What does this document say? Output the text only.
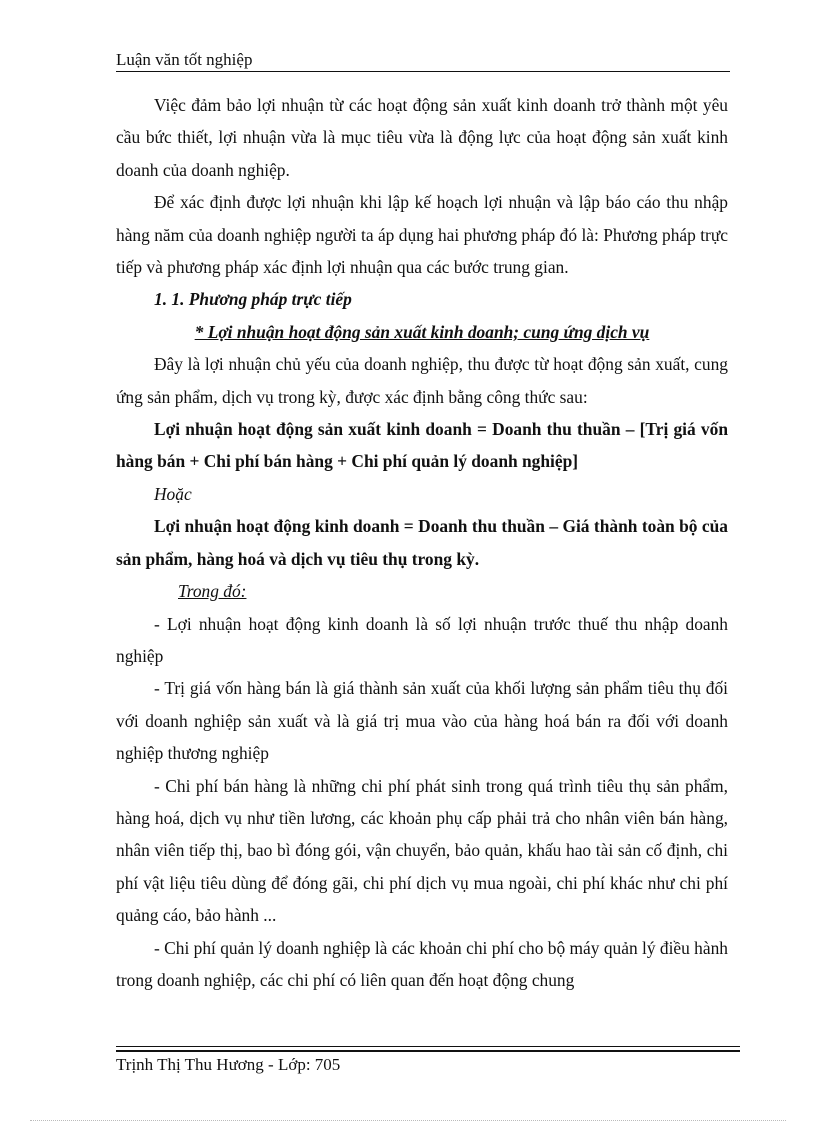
Luận văn tốt nghiệp

Việc đảm bảo lợi nhuận từ các hoạt động sản xuất kinh doanh trở thành một yêu cầu bức thiết, lợi nhuận vừa là mục tiêu vừa là động lực của hoạt động sản xuất kinh doanh của doanh nghiệp.

Để xác định được lợi nhuận khi lập kế hoạch lợi nhuận và lập báo cáo thu nhập hàng năm của doanh nghiệp người ta áp dụng hai phương pháp đó là: Phương pháp trực tiếp và phương pháp xác định lợi nhuận qua các bước trung gian.

1. 1. Phương pháp trực tiếp

* Lợi nhuận hoạt động sản xuất kinh doanh; cung ứng dịch vụ

Đây là lợi nhuận chủ yếu của doanh nghiệp, thu được từ hoạt động sản xuất, cung ứng sản phẩm, dịch vụ trong kỳ, được xác định bằng công thức sau:

Lợi nhuận hoạt động sản xuất kinh doanh = Doanh thu thuần – [Trị giá vốn hàng bán + Chi phí bán hàng + Chi phí quản lý doanh nghiệp]

Hoặc

Lợi nhuận hoạt động kinh doanh = Doanh thu thuần – Giá thành toàn bộ của sản phẩm, hàng hoá và dịch vụ tiêu thụ trong kỳ.

Trong đó:

- Lợi nhuận hoạt động kinh doanh là số lợi nhuận trước thuế thu nhập doanh nghiệp

- Trị giá vốn hàng bán là giá thành sản xuất của khối lượng sản phẩm tiêu thụ đối với doanh nghiệp sản xuất và là giá trị mua vào của hàng hoá bán ra đối với doanh nghiệp thương nghiệp

- Chi phí bán hàng là những chi phí phát sinh trong quá trình tiêu thụ sản phẩm, hàng hoá, dịch vụ như tiền lương, các khoản phụ cấp phải trả cho nhân viên bán hàng, nhân viên tiếp thị, bao bì đóng gói, vận chuyển, bảo quản, khấu hao tài sản cố định, chi phí vật liệu tiêu dùng để đóng gãi, chi phí dịch vụ mua ngoài, chi phí khác như chi phí quảng cáo, bảo hành ...

- Chi phí quản lý doanh nghiệp là các khoản chi phí cho bộ máy quản lý điều hành trong doanh nghiệp, các chi phí có liên quan đến hoạt động chung

Trịnh Thị Thu Hương - Lớp: 705
